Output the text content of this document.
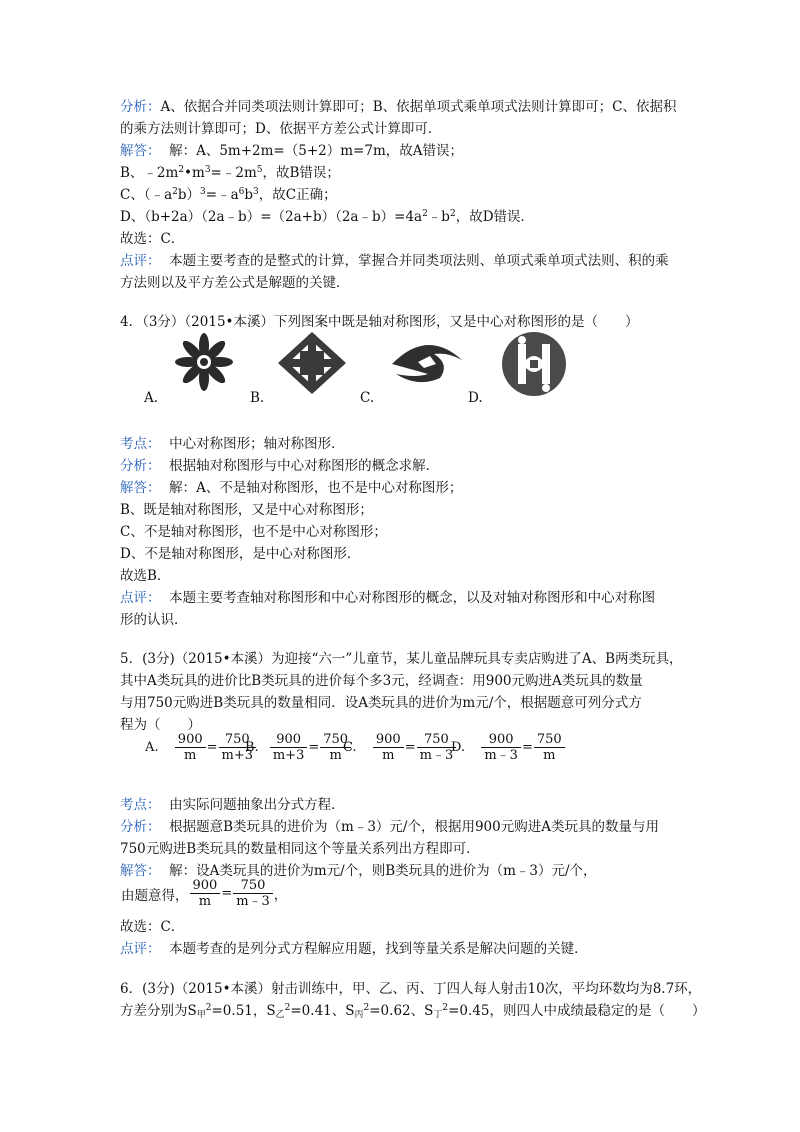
分析：A、依据合并同类项法则计算即可；B、依据单项式乘单项式法则计算即可；C、依据积
的乘方法则计算即可；D、依据平方差公式计算即可．
解答： 解：A、5m+2m=（5+2）m=7m，故A错误；
B、$﹣2m^2•m^3=﹣2m^5$，故B错误；
C、$(﹣a^2b)^3=﹣a^6b^3$，故C正确；
D、$(b+2a)(2a﹣b)=(2a+b)(2a﹣b)=4a^2﹣b^2$，故D错误．
故选：C．
点评： 本题主要考查的是整式的计算，掌握合并同类项法则、单项式乘单项式法则、积的乘
方法则以及平方差公式是解题的关键．
4．（3分）（2015•本溪）下列图案中既是轴对称图形，又是中心对称图形的是（　　）
A.	B.	C.	D.
考点： 中心对称图形；轴对称图形．
分析： 根据轴对称图形与中心对称图形的概念求解．
解答： 解：A、不是轴对称图形，也不是中心对称图形；
B、既是轴对称图形，又是中心对称图形；
C、不是轴对称图形，也不是中心对称图形；
D、不是轴对称图形，是中心对称图形．
故选B．
点评： 本题主要考查轴对称图形和中心对称图形的概念，以及对轴对称图形和中心对称图
形的认识．
5．(3分)（2015•本溪）为迎接“六一”儿童节，某儿童品牌玩具专卖店购进了A、B两类玩具，
其中A类玩具的进价比B类玩具的进价每个多3元，经调查：用900元购进A类玩具的数量
与用750元购进B类玩具的数量相同．设A类玩具的进价为m元/个，根据题意可列分式方
程为（　　）
A. $\frac{900}{m} = \frac{750}{m+3}$
B. $\frac{900}{m+3} = \frac{750}{m}$
C. $\frac{900}{m} = \frac{750}{m﹣3}$
D. $\frac{900}{m﹣3} = \frac{750}{m}$
考点： 由实际问题抽象出分式方程．
分析： 根据题意B类玩具的进价为（m﹣3）元/个，根据用900元购进A类玩具的数量与用
750元购进B类玩具的数量相同这个等量关系列出方程即可．
解答： 解：设A类玩具的进价为m元/个，则B类玩具的进价为（m﹣3）元/个，
由题意得， $\frac{900}{m} = \frac{750}{m﹣3}$ ，
故选：C．
点评： 本题考查的是列分式方程解应用题，找到等量关系是解决问题的关键．
6．(3分)（2015•本溪）射击训练中，甲、乙、丙、丁四人每人射击10次，平均环数均为8.7环，
方差分别为$S_甲^2=0.51$，$S_乙^2=0.41$、$S_丙^2=0.62$、$S_丁^2=0.45$，则四人中成绩最稳定的是（　　）
